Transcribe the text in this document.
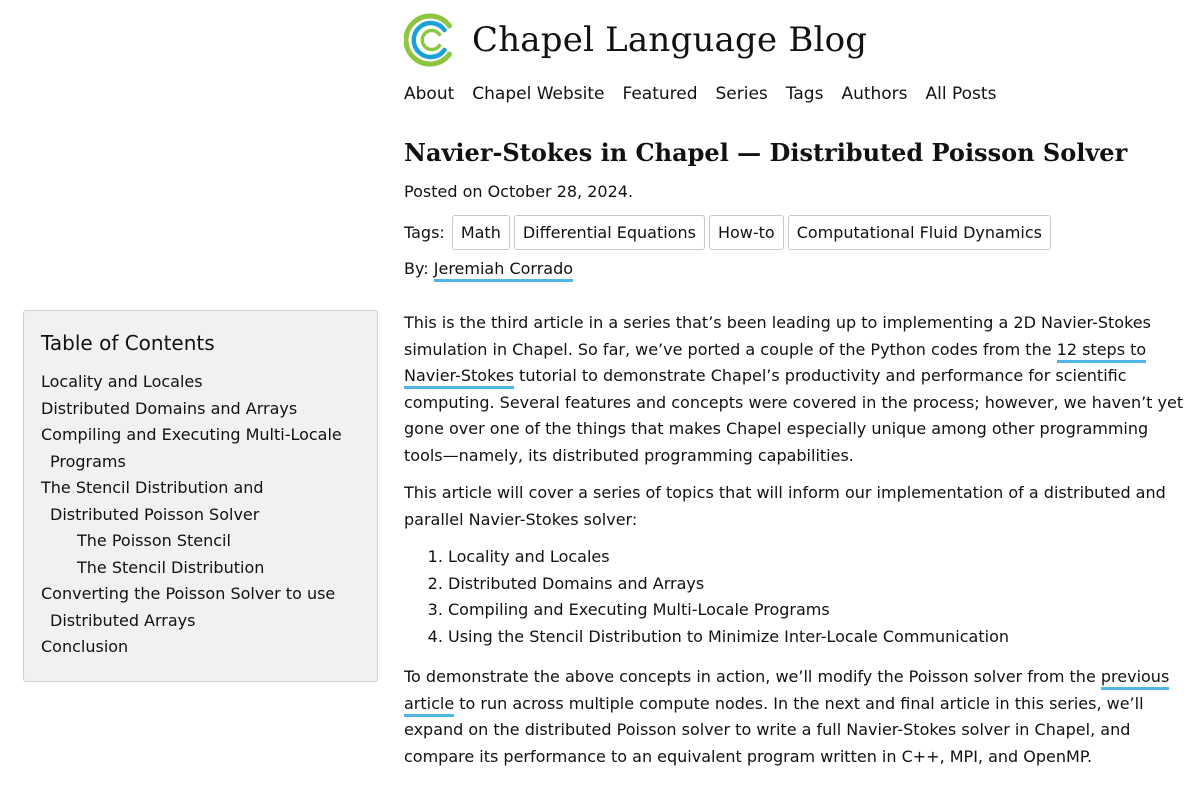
Chapel Language Blog
About Chapel Website Featured Series Tags Authors All Posts
Navier-Stokes in Chapel — Distributed Poisson Solver
Posted on October 28, 2024.
Tags:	Math	Differential Equations	How-to	Computational Fluid Dynamics
By: Jeremiah Corrado
Table of Contents
Locality and Locales
Distributed Domains and Arrays
Compiling and Executing Multi-Locale
Programs
The Stencil Distribution and
Distributed Poisson Solver
The Poisson Stencil
The Stencil Distribution
Converting the Poisson Solver to use
Distributed Arrays
Conclusion

This is the third article in a series that’s been leading up to implementing a 2D Navier-Stokes simulation in Chapel. So far, we’ve ported a couple of the Python codes from the 12 steps to Navier-Stokes tutorial to demonstrate Chapel’s productivity and performance for scientific computing. Several features and concepts were covered in the process; however, we haven’t yet gone over one of the things that makes Chapel especially unique among other programming tools—namely, its distributed programming capabilities.

This article will cover a series of topics that will inform our implementation of a distributed and parallel Navier-Stokes solver:

1. Locality and Locales
2. Distributed Domains and Arrays
3. Compiling and Executing Multi-Locale Programs
4. Using the Stencil Distribution to Minimize Inter-Locale Communication

To demonstrate the above concepts in action, we’ll modify the Poisson solver from the previous article to run across multiple compute nodes. In the next and final article in this series, we’ll expand on the distributed Poisson solver to write a full Navier-Stokes solver in Chapel, and compare its performance to an equivalent program written in C++, MPI, and OpenMP.
